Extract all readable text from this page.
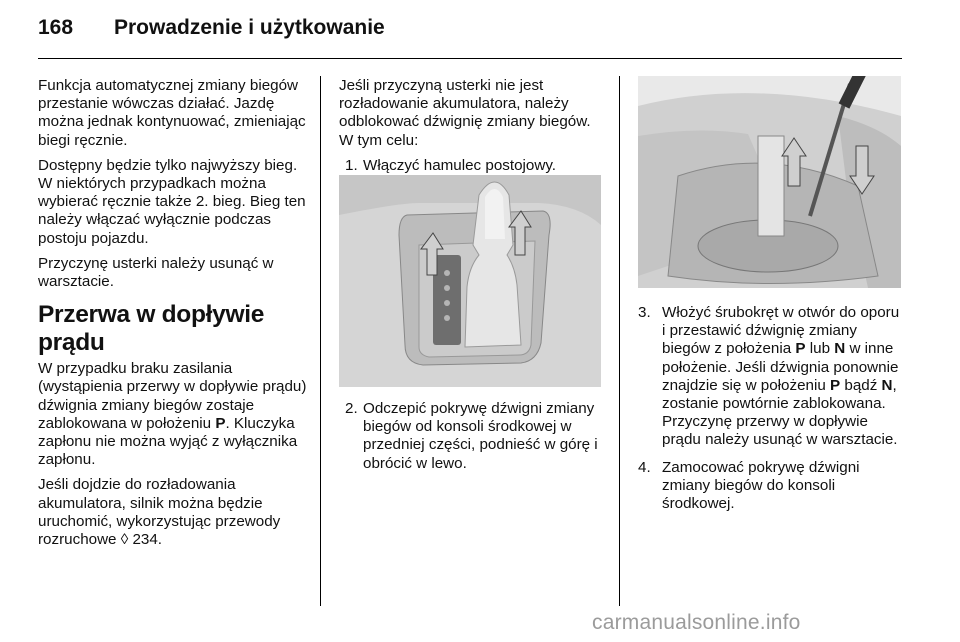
168 Prowadzenie i użytkowanie

Funkcja automatycznej zmiany biegów przestanie wówczas działać. Jazdę można jednak kontynuować, zmieniając biegi ręcznie.

Dostępny będzie tylko najwyższy bieg. W niektórych przypadkach można wybierać ręcznie także 2. bieg. Bieg ten należy włączać wyłącznie podczas postoju pojazdu.

Przyczynę usterki należy usunąć w warsztacie.

Przerwa w dopływie prądu

W przypadku braku zasilania (wystąpienia przerwy w dopływie prądu) dźwignia zmiany biegów zostaje zablokowana w położeniu P. Kluczyka zapłonu nie można wyjąć z wyłącznika zapłonu.

Jeśli dojdzie do rozładowania akumulatora, silnik można będzie uruchomić, wykorzystując przewody rozruchowe ◊ 234.

Jeśli przyczyną usterki nie jest rozładowanie akumulatora, należy odblokować dźwignię zmiany biegów. W tym celu:

1. Włączyć hamulec postojowy.
2. Odczepić pokrywę dźwigni zmiany biegów od konsoli środkowej w przedniej części, podnieść w górę i obrócić w lewo.
3. Włożyć śrubokręt w otwór do oporu i przestawić dźwignię zmiany biegów z położenia P lub N w inne położenie. Jeśli dźwignia ponownie znajdzie się w położeniu P bądź N, zostanie powtórnie zablokowana. Przyczynę przerwy w dopływie prądu należy usunąć w warsztacie.
4. Zamocować pokrywę dźwigni zmiany biegów do konsoli środkowej.
carmanualsonline.info
